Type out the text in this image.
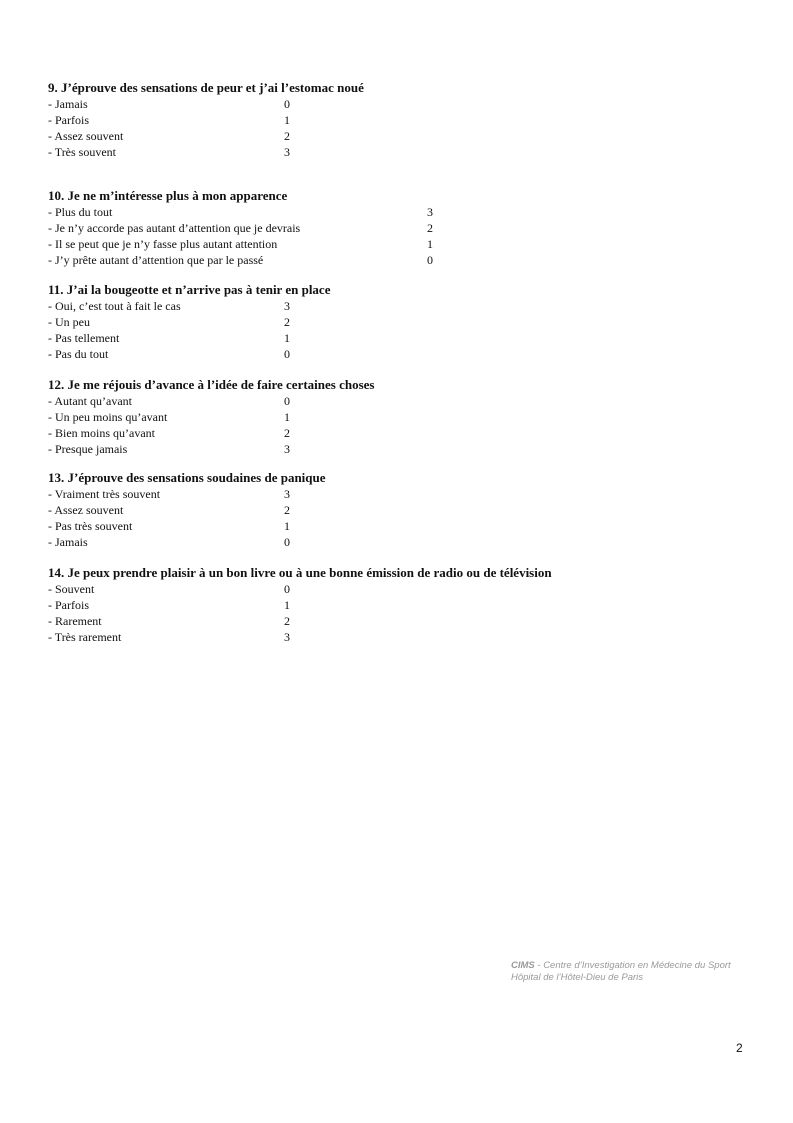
9. J’éprouve des sensations de peur et j’ai l’estomac noué
- Jamais	0
- Parfois	1
- Assez souvent	2
- Très souvent	3
10. Je ne m’intéresse plus à mon apparence
- Plus du tout	3
- Je n’y accorde pas autant d’attention que je devrais	2
- Il se peut que je n’y fasse plus autant attention	1
- J’y prête autant d’attention que par le passé	0
11. J’ai la bougeotte et n’arrive pas à tenir en place
- Oui, c’est tout à fait le cas	3
- Un peu	2
- Pas tellement	1
- Pas du tout	0
12. Je me réjouis d’avance à l’idée de faire certaines choses
- Autant qu’avant	0
- Un peu moins qu’avant	1
- Bien moins qu’avant	2
- Presque jamais	3
13. J’éprouve des sensations soudaines de panique
- Vraiment très souvent	3
- Assez souvent	2
- Pas très souvent	1
- Jamais	0
14. Je peux prendre plaisir à un bon livre ou à une bonne émission de radio ou de télévision
- Souvent	0
- Parfois	1
- Rarement	2
- Très rarement	3
CIMS - Centre d’Investigation en Médecine du Sport
Hôpital de l’Hôtel-Dieu de Paris
2
